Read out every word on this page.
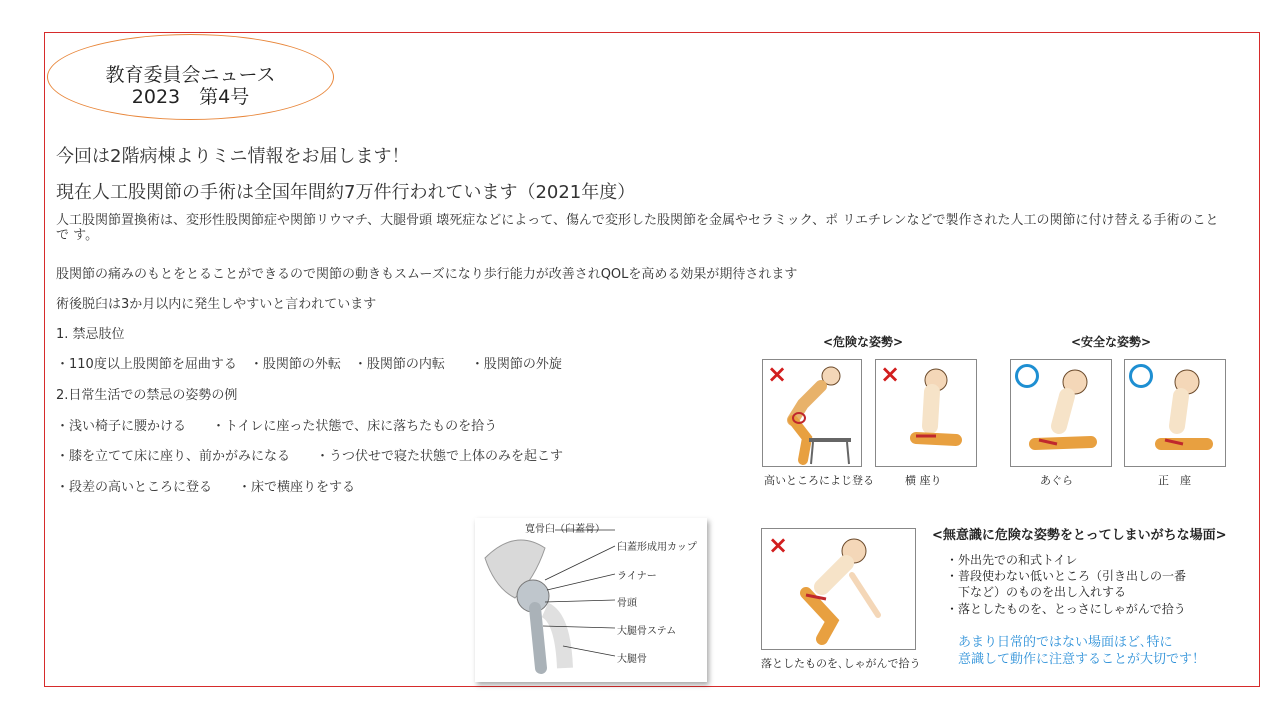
教育委員会ニュース
2023　第4号
今回は2階病棟よりミニ情報をお届します！
現在人工股関節の手術は全国年間約7万件行われています（2021年度）
人工股関節置換術は、変形性股関節症や関節リウマチ、大腿骨頭 壊死症などによって、傷んで変形した股関節を金属やセラミック、ポ リエチレンなどで製作された人工の関節に付け替える手術のことで す。
股関節の痛みのもとをとることができるので関節の動きもスムーズになり歩行能力が改善されQOLを高める効果が期待されます
術後脱臼は3か月以内に発生しやすいと言われています
1. 禁忌肢位
・110度以上股関節を屈曲する　・股関節の外転　・股関節の内転　　・股関節の外旋
2.日常生活での禁忌の姿勢の例
・浅い椅子に腰かける　　・トイレに座った状態で、床に落ちたものを拾う
・膝を立てて床に座り、前かがみになる　　・うつ伏せで寝た状態で上体のみを起こす
・段差の高いところに登る　　・床で横座りをする
<危険な姿勢>	<安全な姿勢>
×
高いところによじ登る
×
横 座り	あぐら	正　座
寛骨臼（臼蓋骨）
臼蓋形成用カップ
ライナー
骨頭
大腿骨ステム
大腿骨
×
落としたものを､しゃがんで拾う
<無意識に危険な姿勢をとってしまいがちな場面>
・外出先での和式トイレ
・普段使わない低いところ（引き出しの一番
　下など）のものを出し入れする
・落としたものを、とっさにしゃがんで拾う
あまり日常的ではない場面ほど､特に
意識して動作に注意することが大切です！
